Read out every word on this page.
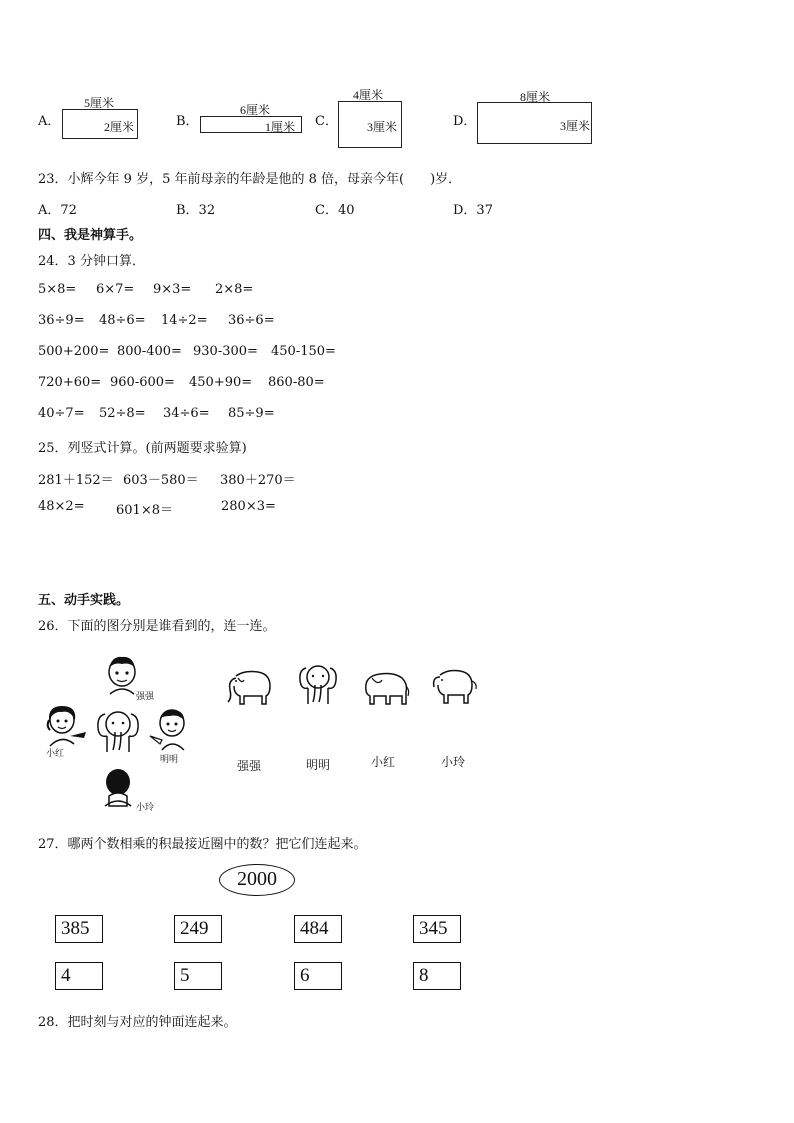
A．
5厘米
2厘米	B．
6厘米
1厘米 C．
4厘米
3厘米	D．
8厘米
3厘米
23．小辉今年 9 岁，5 年前母亲的年龄是他的 8 倍，母亲今年(　　)岁．
A．72	B．32	C．40	D．37
四、我是神算手。
24．3 分钟口算．
5×8= 6×7= 9×3= 2×8=
36÷9= 48÷6= 14÷2= 36÷6=
500+200= 800-400= 930-300= 450-150=
720+60= 960-600= 450+90= 860-80=
40÷7= 52÷8= 34÷6= 85÷9=
25．列竖式计算。(前两题要求验算)
281＋152＝ 603－580＝ 380＋270＝
48×2= 601×8＝	280×3=
五、动手实践。
26．下面的图分别是谁看到的，连一连。
强强
小红
明明
小玲
强强	明明	小红	小玲
27．哪两个数相乘的积最接近圈中的数？把它们连起来。
2000
385	249	484	345
4	5	6	8
28．把时刻与对应的钟面连起来。
